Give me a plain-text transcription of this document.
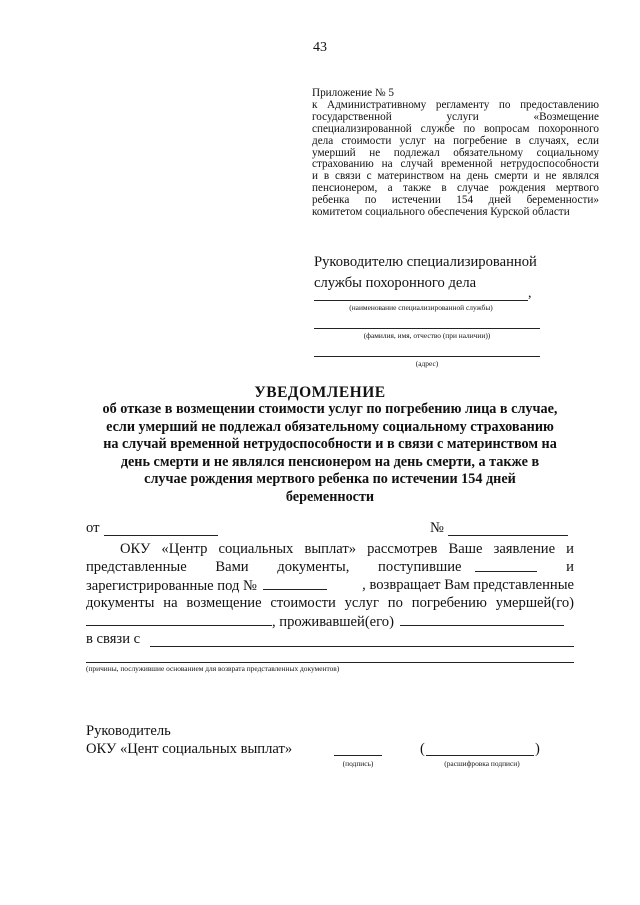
43
Приложение № 5
к Административному регламенту по предоставлению
государственной услуги «Возмещение
специализированной службе по вопросам похоронного
дела стоимости услуг на погребение в случаях, если
умерший не подлежал обязательному социальному
страхованию на случай временной нетрудоспособности
и в связи с материнством на день смерти и не являлся
пенсионером, а также в случае рождения мертвого
ребенка по истечении 154 дней беременности»
комитетом социального обеспечения Курской области
Руководителю специализированной
службы похоронного дела
,
(наименование специализированной службы)
(фамилия, имя, отчество (при наличии))
(адрес)
УВЕДОМЛЕНИЕ
об отказе в возмещении стоимости услуг по погребению лица в случае,
если умерший не подлежал обязательному социальному страхованию
на случай временной нетрудоспособности и в связи с материнством на
день смерти и не являлся пенсионером на день смерти, а также в
случае рождения мертвого ребенка по истечении 154 дней
беременности
от	№
ОКУ «Центр социальных выплат» рассмотрев Ваше заявление и
представленные Вами документы, поступившие	и
зарегистрированные под №	, возвращает Вам представленные
документы на возмещение стоимости услуг по погребению умершей(го)
, проживавшей(его)
в связи с
(причины, послужившие основанием для возврата представленных документов)
Руководитель
ОКУ «Цент социальных выплат»
(подпись)
(	)
(расшифровка подписи)
